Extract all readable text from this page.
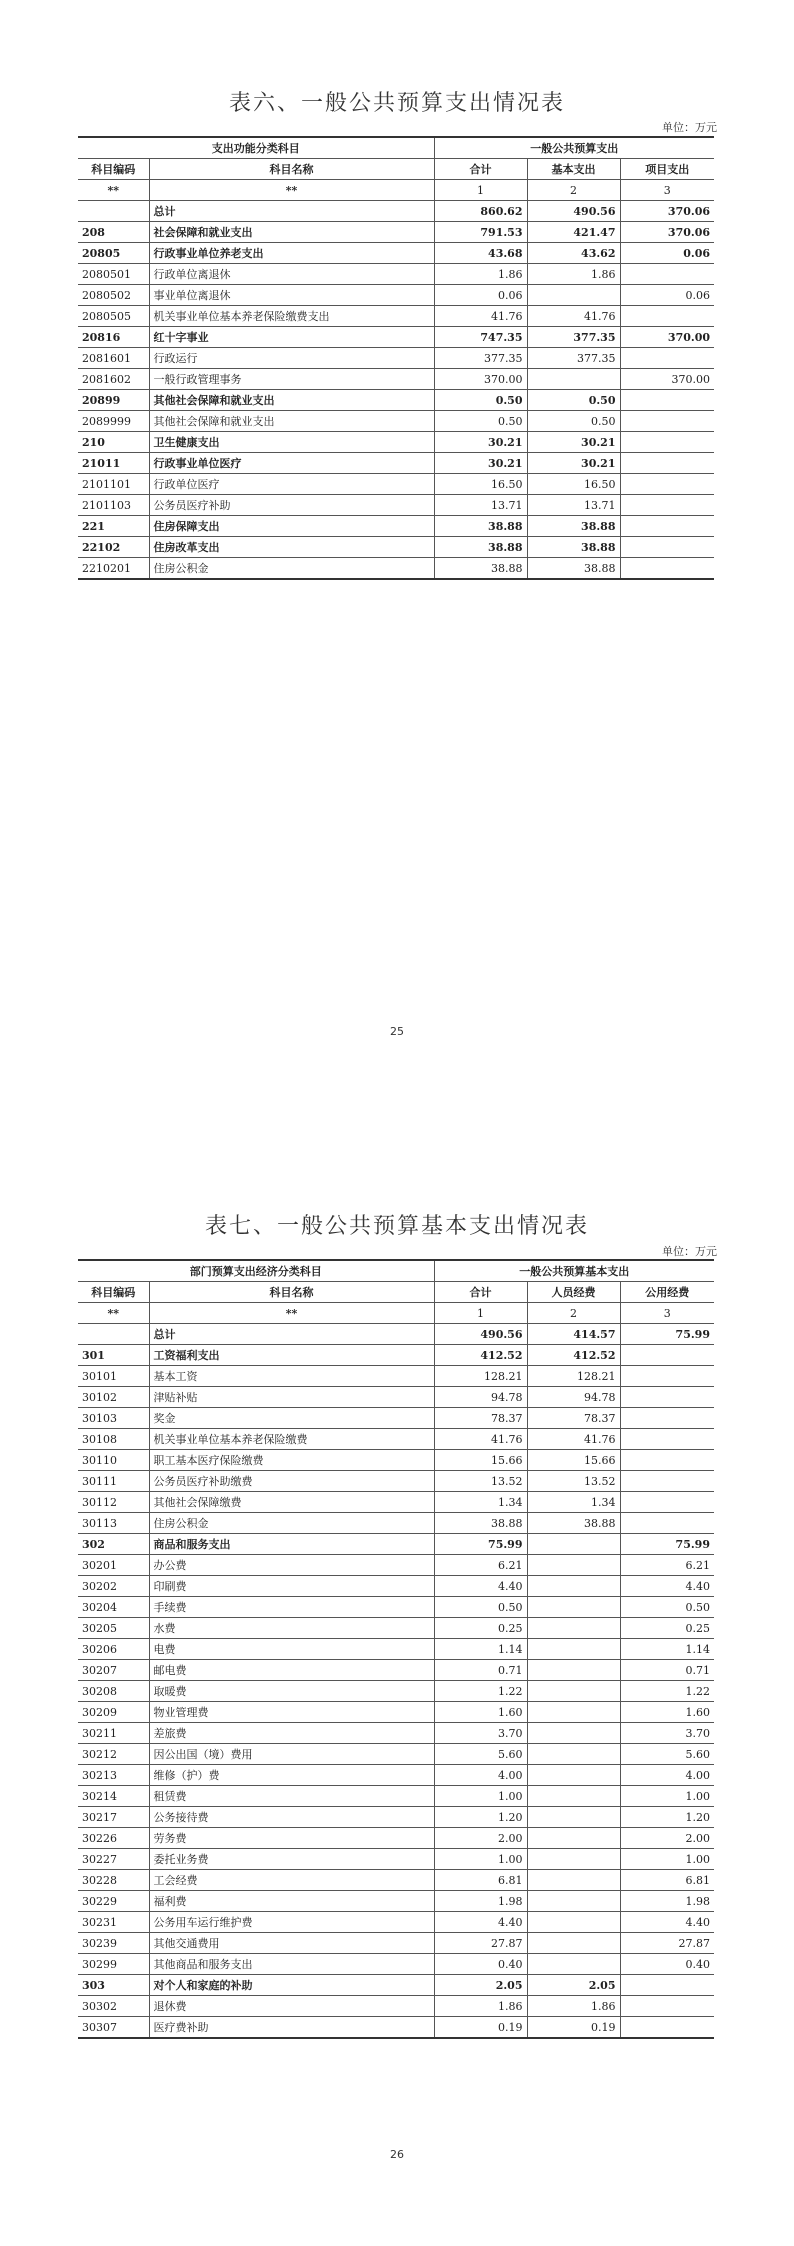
表六、一般公共预算支出情况表
单位：万元
支出功能分类科目		一般公共预算支出		
科目编码	科目名称	合计	基本支出	项目支出
**	**	1	2	3
	总计	860.62	490.56	370.06
208	社会保障和就业支出	791.53	421.47	370.06
20805	行政事业单位养老支出	43.68	43.62	0.06
2080501	行政单位离退休	1.86	1.86	
2080502	事业单位离退休	0.06		0.06
2080505	机关事业单位基本养老保险缴费支出	41.76	41.76	
20816	红十字事业	747.35	377.35	370.00
2081601	行政运行	377.35	377.35	
2081602	一般行政管理事务	370.00		370.00
20899	其他社会保障和就业支出	0.50	0.50	
2089999	其他社会保障和就业支出	0.50	0.50	
210	卫生健康支出	30.21	30.21	
21011	行政事业单位医疗	30.21	30.21	
2101101	行政单位医疗	16.50	16.50	
2101103	公务员医疗补助	13.71	13.71	
221	住房保障支出	38.88	38.88	
22102	住房改革支出	38.88	38.88	
2210201	住房公积金	38.88	38.88	
25
表七、一般公共预算基本支出情况表
单位：万元
部门预算支出经济分类科目		一般公共预算基本支出		
科目编码	科目名称	合计	人员经费	公用经费
**	**	1	2	3
	总计	490.56	414.57	75.99
301	工资福利支出	412.52	412.52	
30101	基本工资	128.21	128.21	
30102	津贴补贴	94.78	94.78	
30103	奖金	78.37	78.37	
30108	机关事业单位基本养老保险缴费	41.76	41.76	
30110	职工基本医疗保险缴费	15.66	15.66	
30111	公务员医疗补助缴费	13.52	13.52	
30112	其他社会保障缴费	1.34	1.34	
30113	住房公积金	38.88	38.88	
302	商品和服务支出	75.99		75.99
30201	办公费	6.21		6.21
30202	印刷费	4.40		4.40
30204	手续费	0.50		0.50
30205	水费	0.25		0.25
30206	电费	1.14		1.14
30207	邮电费	0.71		0.71
30208	取暖费	1.22		1.22
30209	物业管理费	1.60		1.60
30211	差旅费	3.70		3.70
30212	因公出国（境）费用	5.60		5.60
30213	维修（护）费	4.00		4.00
30214	租赁费	1.00		1.00
30217	公务接待费	1.20		1.20
30226	劳务费	2.00		2.00
30227	委托业务费	1.00		1.00
30228	工会经费	6.81		6.81
30229	福利费	1.98		1.98
30231	公务用车运行维护费	4.40		4.40
30239	其他交通费用	27.87		27.87
30299	其他商品和服务支出	0.40		0.40
303	对个人和家庭的补助	2.05	2.05	
30302	退休费	1.86	1.86	
30307	医疗费补助	0.19	0.19	
26
